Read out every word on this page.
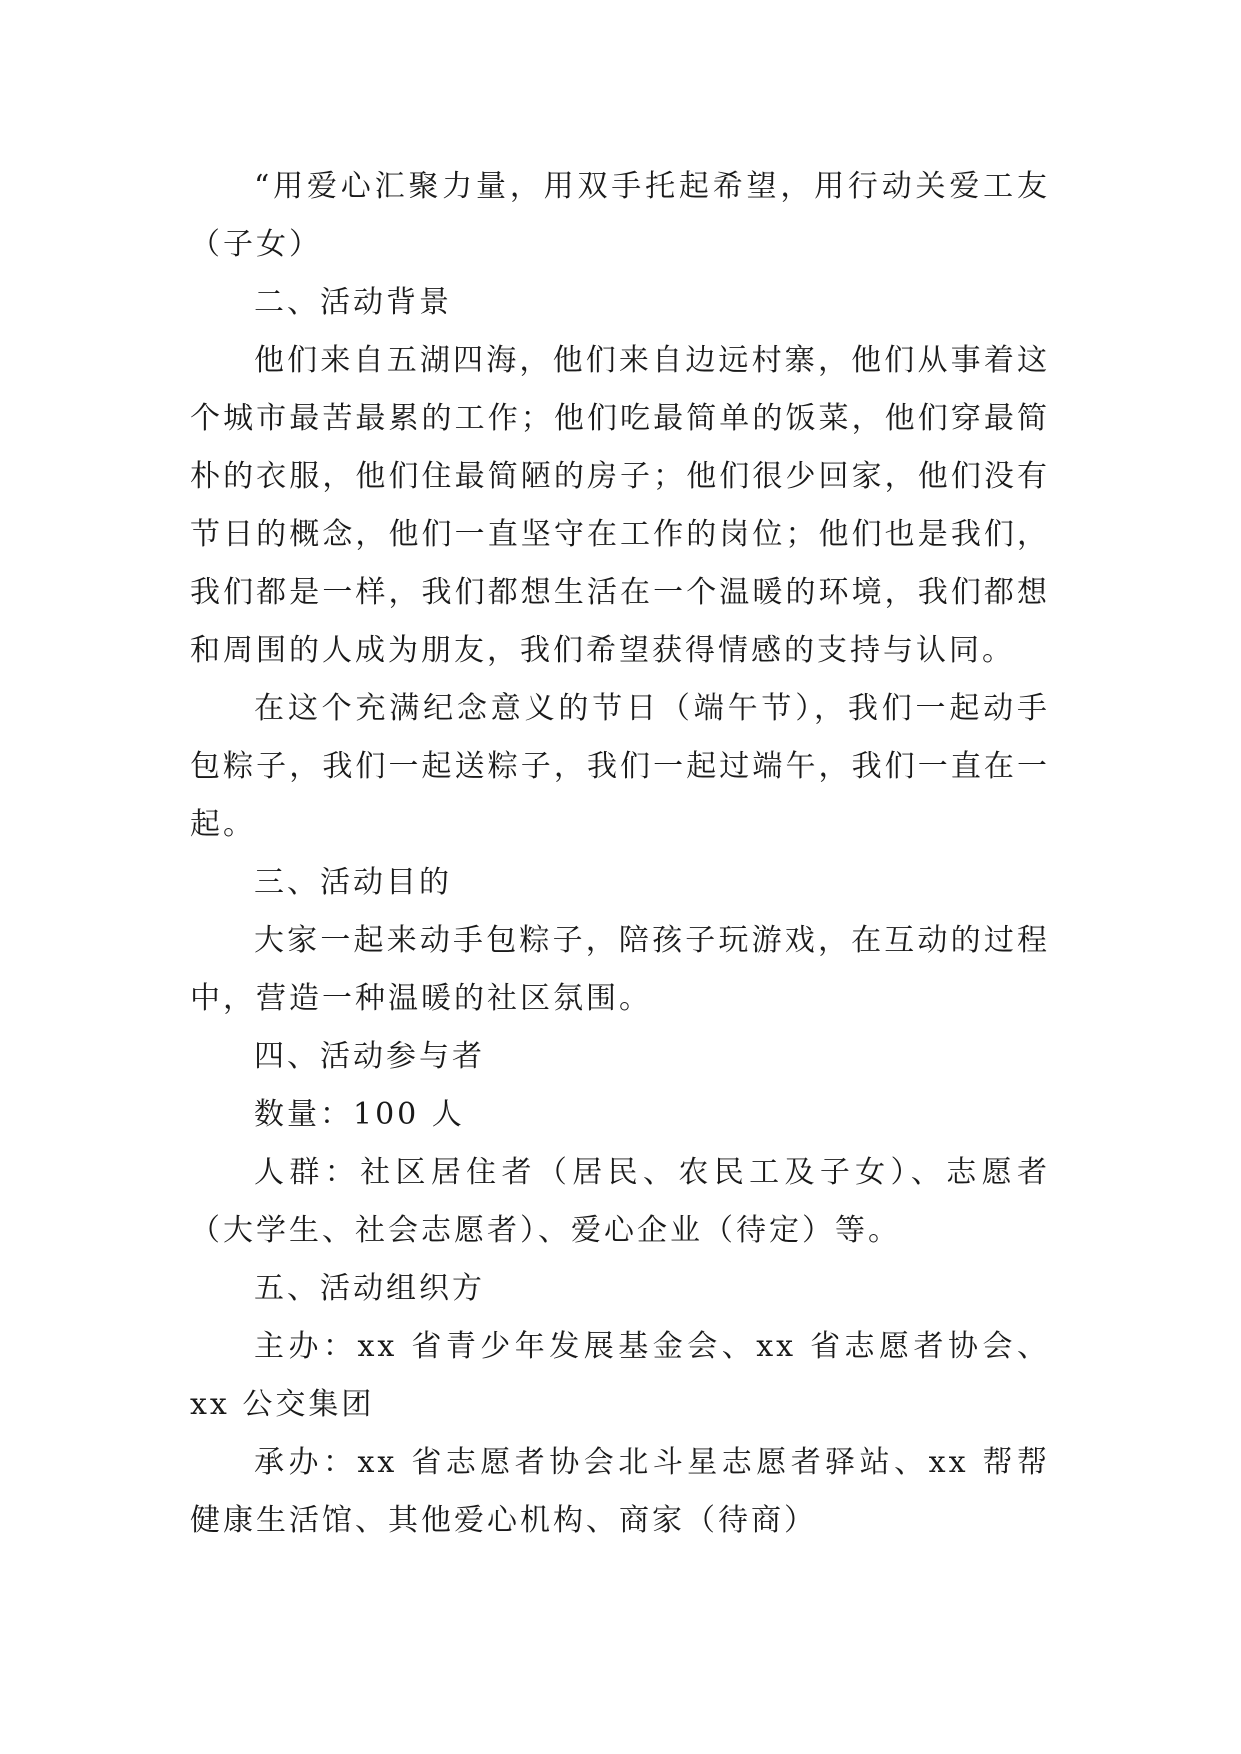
“用爱心汇聚力量，用双手托起希望，用行动关爱工友（子女）

二、活动背景

他们来自五湖四海，他们来自边远村寨，他们从事着这个城市最苦最累的工作；他们吃最简单的饭菜，他们穿最简朴的衣服，他们住最简陋的房子；他们很少回家，他们没有节日的概念，他们一直坚守在工作的岗位；他们也是我们，我们都是一样，我们都想生活在一个温暖的环境，我们都想和周围的人成为朋友，我们希望获得情感的支持与认同。

在这个充满纪念意义的节日（端午节），我们一起动手包粽子，我们一起送粽子，我们一起过端午，我们一直在一起。

三、活动目的

大家一起来动手包粽子，陪孩子玩游戏，在互动的过程中，营造一种温暖的社区氛围。

四、活动参与者

数量：100 人

人群：社区居住者（居民、农民工及子女）、志愿者（大学生、社会志愿者）、爱心企业（待定）等。

五、活动组织方

主办：xx 省青少年发展基金会、xx 省志愿者协会、xx 公交集团

承办：xx 省志愿者协会北斗星志愿者驿站、xx 帮帮健康生活馆、其他爱心机构、商家（待商）
